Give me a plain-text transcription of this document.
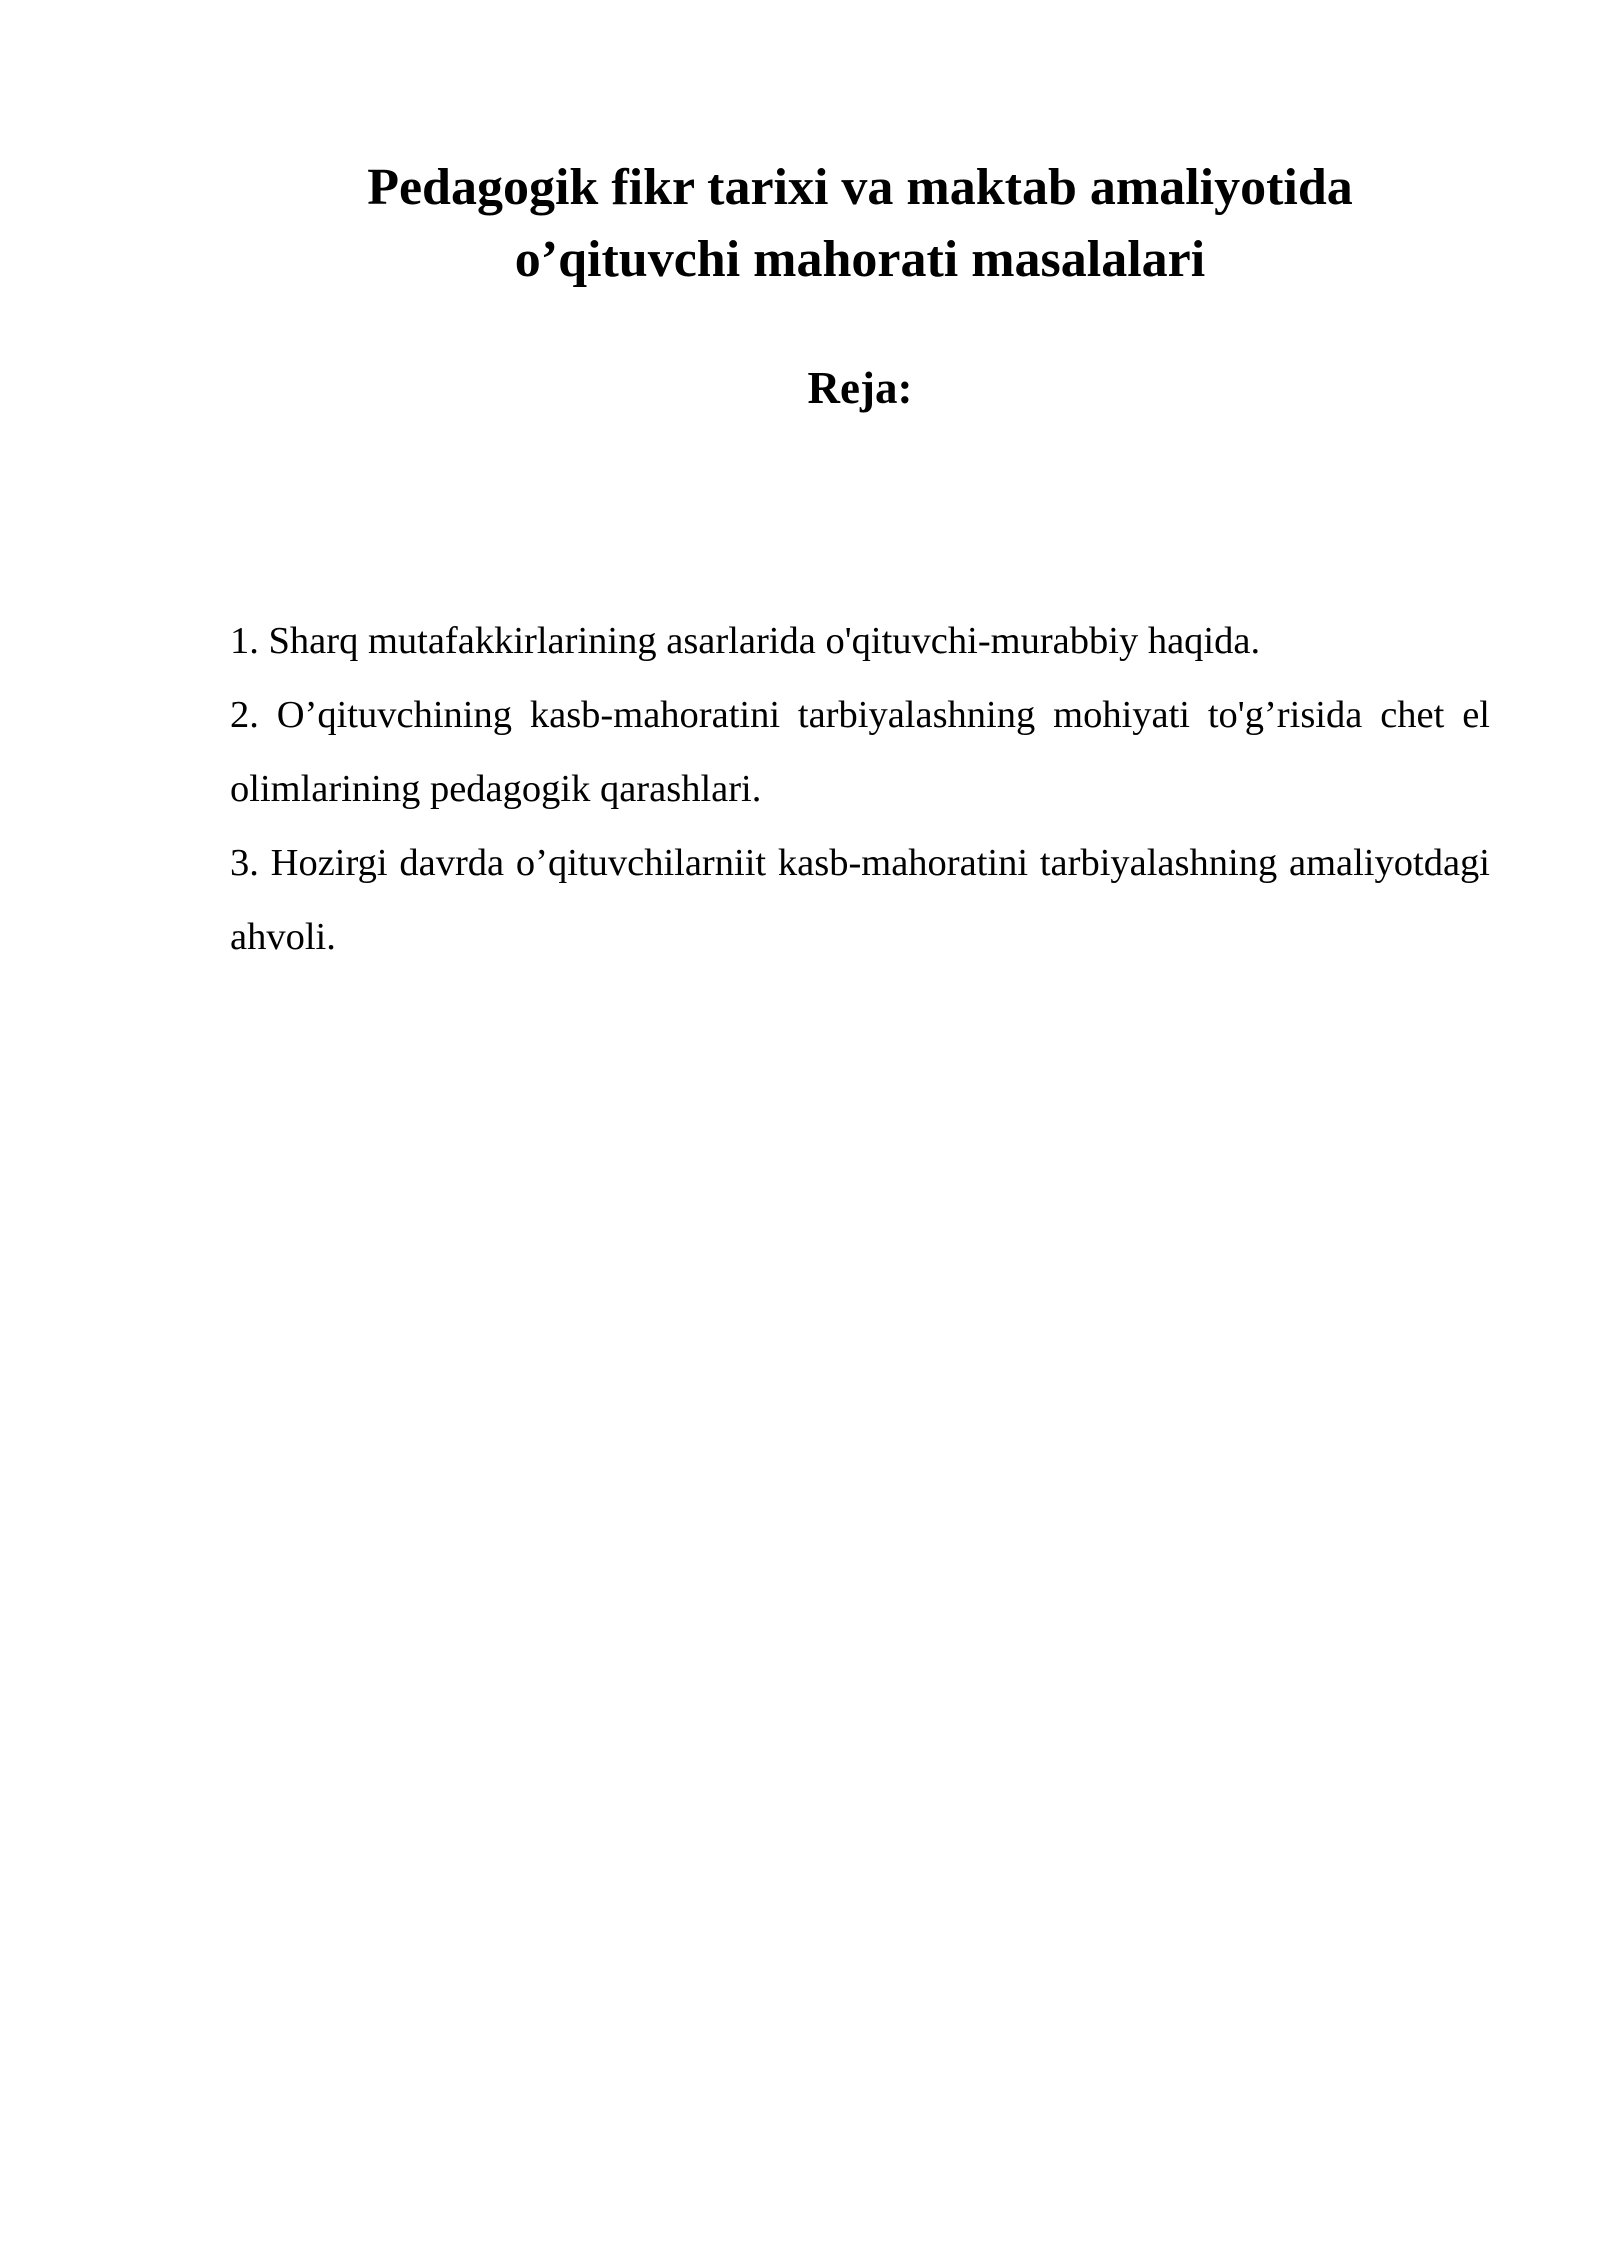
Pedagogik fikr tarixi va maktab amaliyotida
o’qituvchi mahorati masalalari
Reja:
1. Sharq mutafakkirlarining asarlarida o'qituvchi-murabbiy haqida.
2. O’qituvchining kasb-mahoratini tarbiyalashning mohiyati to'g’risida chet el olimlarining pedagogik qarashlari.
3. Hozirgi davrda o’qituvchilarniit kasb-mahoratini tarbiyalashning amaliyotdagi ahvoli.
